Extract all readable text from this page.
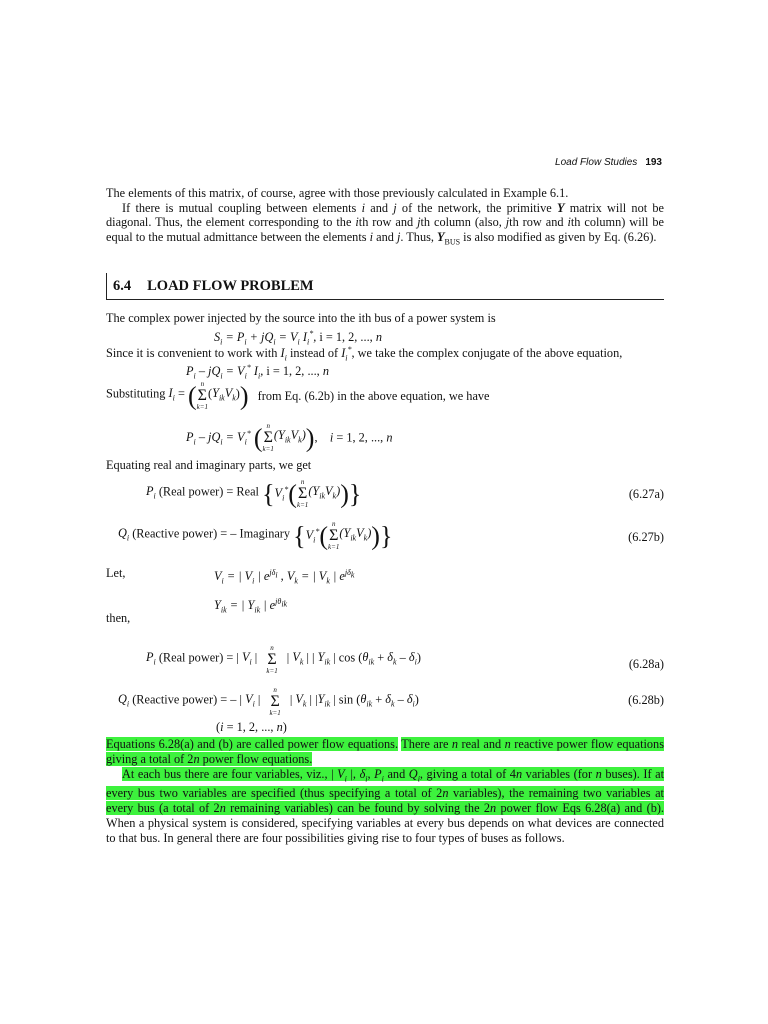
Load Flow Studies 193
The elements of this matrix, of course, agree with those previously calculated in Example 6.1.
If there is mutual coupling between elements i and j of the network, the primitive Y matrix will not be diagonal. Thus, the element corresponding to the ith row and jth column (also, jth row and ith column) will be equal to the mutual admittance between the elements i and j. Thus, $Y_{BUS}$ is also modified as given by Eq. (6.26).
6.4 LOAD FLOW PROBLEM
The complex power injected by the source into the ith bus of a power system is
$S_i = P_i + jQ_i = V_i$ $I_i^*$, i = 1, 2, ..., n
Since it is convenient to work with $I_i$ instead of $I_i^*$, we take the complex conjugate of the above equation,
$P_i - jQ_i = V_i^*$ $I_i$, i = 1, 2, ..., n
Substituting $I_i$ = ( n
Σ
$k=1(Y_{ik}V_k)$) from Eq. (6.2b) in the above equation, we have
$P_i - jQ_i = V_i^*$ ( n
Σ
$k=1(Y_{ik}V_k)$),    i = 1, 2, ..., n
Equating real and imaginary parts, we get
$P_i$ (Real power) = Real {$V_i^*$( n
Σ
$k=1(Y_{ik}V_k)$)}	(6.27a)
$Q_i$ (Reactive power) = – Imaginary {$V_i^*$( n
Σ
$k=1(Y_{ik}V_k)$)}	(6.27b)
Let,	$V_i$ = | $V_i$ | $e^{j\delta_i}$ , $V_k$ = | $V_k$ | $e^{j\delta_k}$
$Y_{ik}$ = | $Y_{ik}$ | $e^{j\theta_{ik}}$
then,
$P_i$ (Real power) = | $V_i$ | n
Σ
k=1 | $V_k$ | | $Y_{ik}$ | $\cos (\theta_{ik} + \delta_k - \delta_i)$	(6.28a)
$Q_i$ (Reactive power) = – | $V_i$ | n
Σ
k=1 | $V_k$ | $|Y_{ik}$ | $\sin (\theta_{ik} + \delta_k - \delta_i)$	(6.28b)
(i = 1, 2, ..., n)
Equations 6.28(a) and (b) are called power flow equations. There are n real and n reactive power flow equations giving a total of 2n power flow equations.
At each bus there are four variables, viz., | $V_i$ |, $\delta_i$, $P_i$ and $Q_i$, giving a total of 4n variables (for n buses). If at every bus two variables are specified (thus specifying a total of 2n variables), the remaining two variables at every bus (a total of 2n remaining variables) can be found by solving the 2n power flow Eqs 6.28(a) and (b). When a physical system is considered, specifying variables at every bus depends on what devices are connected to that bus. In general there are four possibilities giving rise to four types of buses as follows.
